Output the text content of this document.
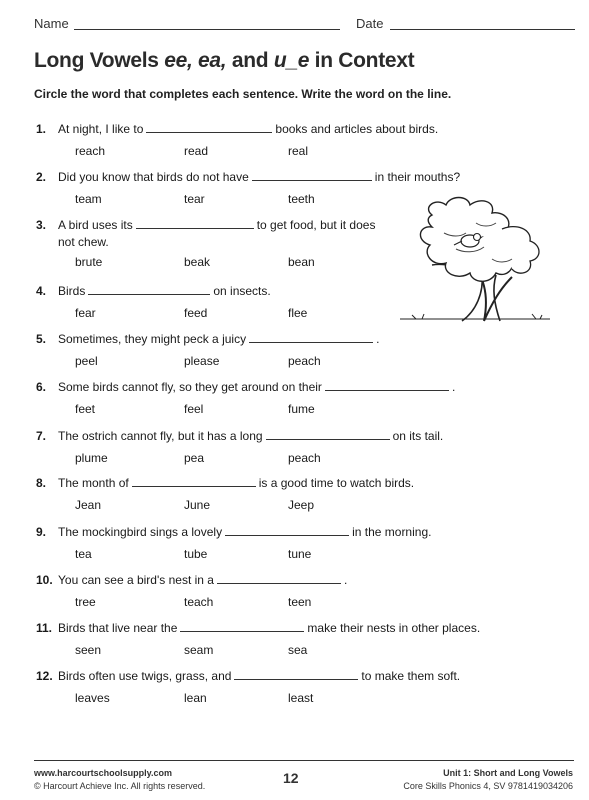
Name	Date
Long Vowels ee, ea, and u_e in Context
Circle the word that completes each sentence. Write the word on the line.
1. At night, I like to	books and articles about birds.
reach	read	real
2. Did you know that birds do not have	in their mouths?
team	tear	teeth
3. A bird uses its	to get food, but it does
not chew.
brute	beak	bean
4. Birds	on insects.
fear	feed	flee
5. Sometimes, they might peck a juicy	.
peel	please	peach
6. Some birds cannot fly, so they get around on their	.
feet	feel	fume
7. The ostrich cannot fly, but it has a long	on its tail.
plume	pea	peach
8. The month of	is a good time to watch birds.
Jean	June	Jeep
9. The mockingbird sings a lovely	in the morning.
tea	tube	tune
10. You can see a bird's nest in a	.
tree	teach	teen
11. Birds that live near the	make their nests in other places.
seen	seam	sea
12. Birds often use twigs, grass, and	to make them soft.
leaves	lean	least
www.harcourtschoolsupply.com
© Harcourt Achieve Inc. All rights reserved.	12	Unit 1: Short and Long Vowels
Core Skills Phonics 4, SV 9781419034206
